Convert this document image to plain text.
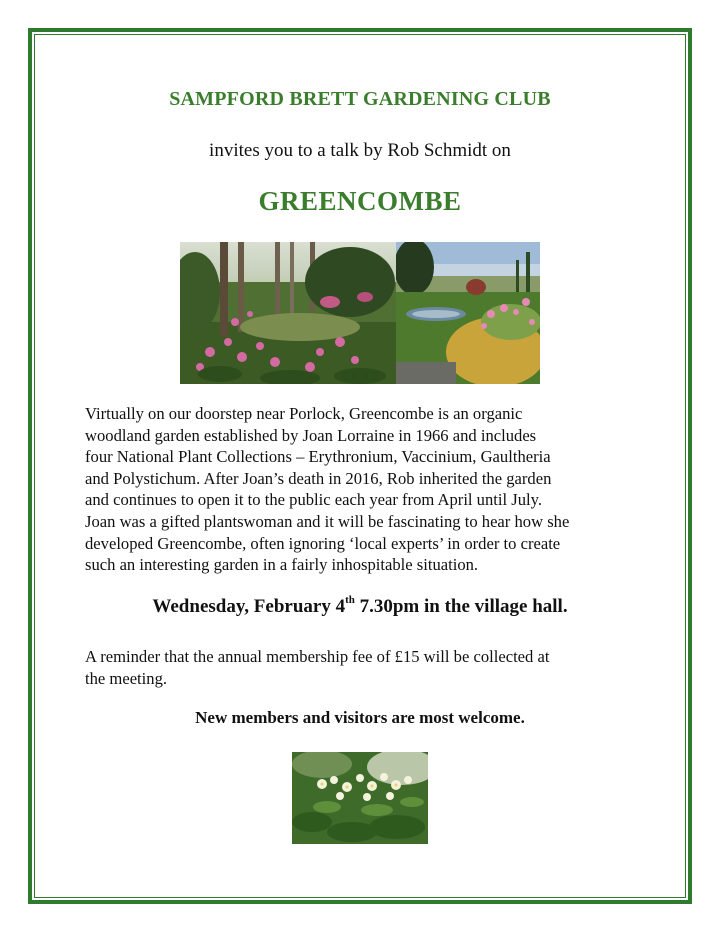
SAMPFORD BRETT GARDENING CLUB
invites you to a talk by Rob Schmidt on
GREENCOMBE
Virtually on our doorstep near Porlock, Greencombe is an organic
woodland garden established by Joan Lorraine in 1966 and includes
four National Plant Collections – Erythronium, Vaccinium, Gaultheria
and Polystichum. After Joan’s death in 2016, Rob inherited the garden
and continues to open it to the public each year from April until July.
Joan was a gifted plantswoman and it will be fascinating to hear how she
developed Greencombe, often ignoring ‘local experts’ in order to create
such an interesting garden in a fairly inhospitable situation.
Wednesday, February 4th 7.30pm in the village hall.
A reminder that the annual membership fee of £15 will be collected at
the meeting.
New members and visitors are most welcome.
